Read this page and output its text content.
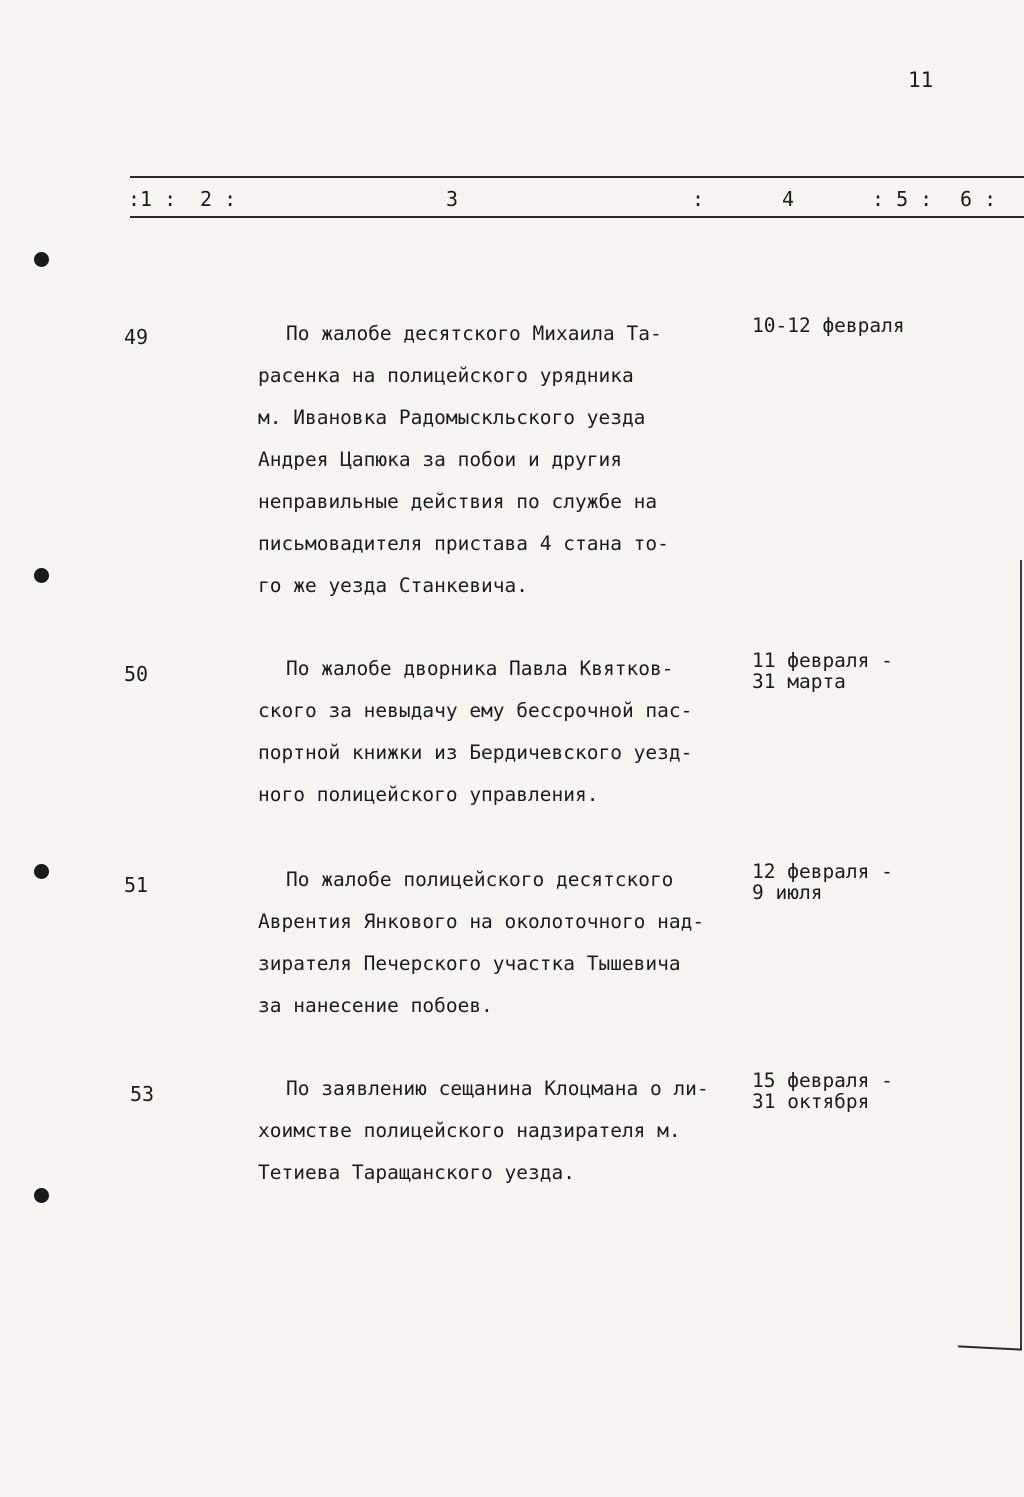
11
:1 : 2 :	3	:	4	: 5 : 6 :
49	По жалобе десятского Михаила Та-
расенка на полицейского урядника
м. Ивановка Радомыскльского уезда
Андрея Цапюка за побои и другия
неправильные действия по службе на
письмовадителя пристава 4 стана то-
го же уезда Станкевича.
10-12 февраля
50	По жалобе дворника Павла Квятков-
ского за невыдачу ему бессрочной пас-
портной книжки из Бердичевского уезд-
ного полицейского управления.
11 февраля -
31 марта
51	По жалобе полицейского десятского
Аврентия Янкового на околоточного над-
зирателя Печерского участка Тышевича
за нанесение побоев.
12 февраля -
9 июля
53	По заявлению сещанина Клоцмана о ли-
хоимстве полицейского надзирателя м.
Тетиева Таращанского уезда.
15 февраля -
31 октября
